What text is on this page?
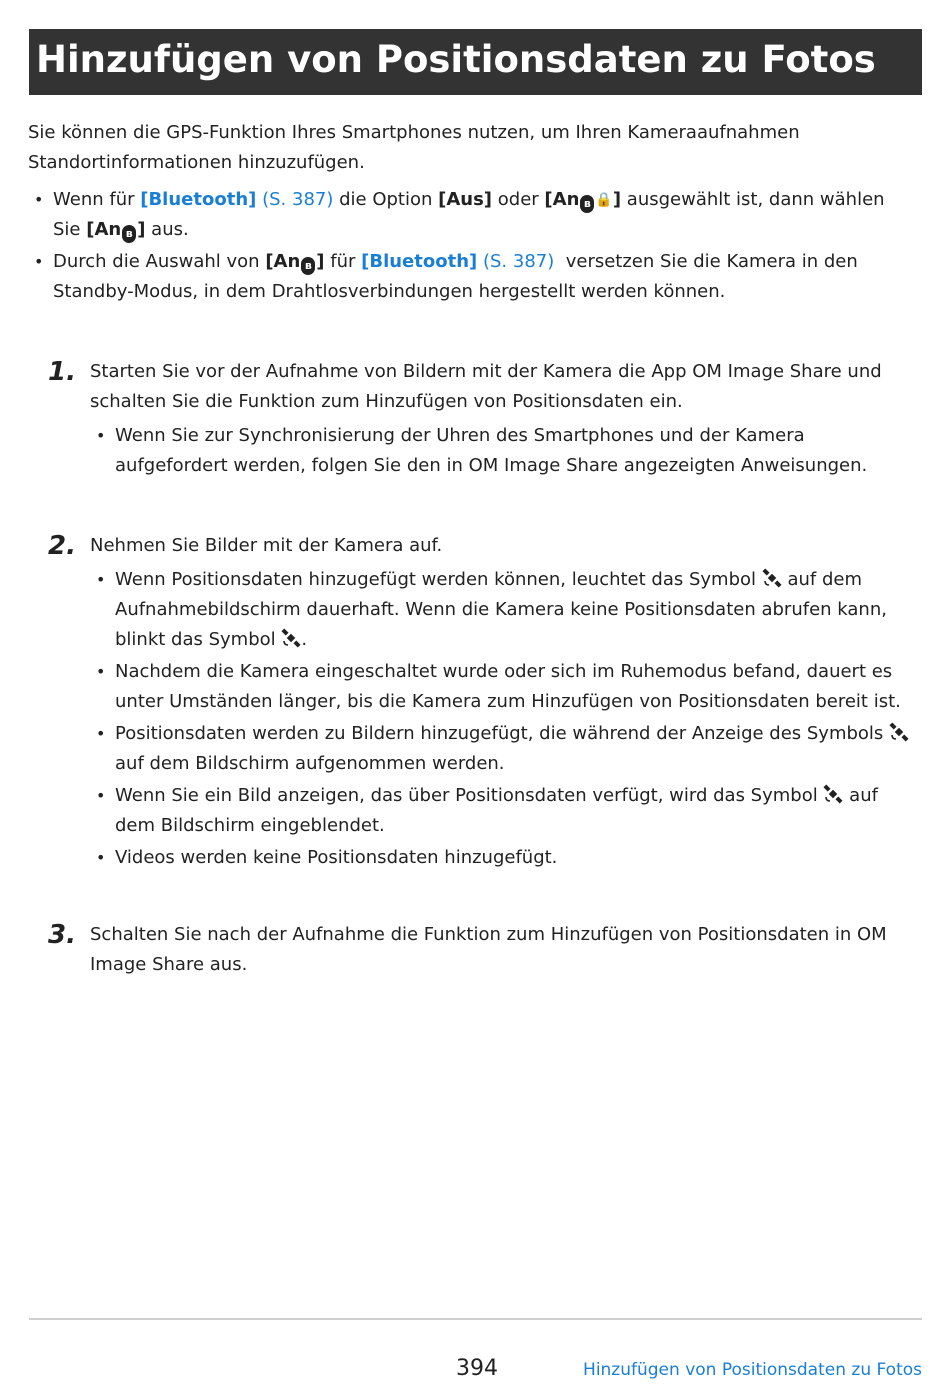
Hinzufügen von Positionsdaten zu Fotos

Sie können die GPS-Funktion Ihres Smartphones nutzen, um Ihren Kameraaufnahmen Standortinformationen hinzuzufügen.

• Wenn für [Bluetooth] (S. 387) die Option [Aus] oder [An ʙ 🔒] ausgewählt ist, dann wählen Sie [An ʙ ] aus.
• Durch die Auswahl von [An ʙ ] für [Bluetooth] (S. 387)  versetzen Sie die Kamera in den Standby-Modus, in dem Drahtlosverbindungen hergestellt werden können.
1. Starten Sie vor der Aufnahme von Bildern mit der Kamera die App OM Image Share und schalten Sie die Funktion zum Hinzufügen von Positionsdaten ein.
• Wenn Sie zur Synchronisierung der Uhren des Smartphones und der Kamera aufgefordert werden, folgen Sie den in OM Image Share angezeigten Anweisungen.
2. Nehmen Sie Bilder mit der Kamera auf.
• Wenn Positionsdaten hinzugefügt werden können, leuchtet das Symbol  auf dem Aufnahmebildschirm dauerhaft. Wenn die Kamera keine Positionsdaten abrufen kann, blinkt das Symbol .
• Nachdem die Kamera eingeschaltet wurde oder sich im Ruhemodus befand, dauert es unter Umständen länger, bis die Kamera zum Hinzufügen von Positionsdaten bereit ist.
• Positionsdaten werden zu Bildern hinzugefügt, die während der Anzeige des Symbols  auf dem Bildschirm aufgenommen werden.
• Wenn Sie ein Bild anzeigen, das über Positionsdaten verfügt, wird das Symbol  auf dem Bildschirm eingeblendet.
• Videos werden keine Positionsdaten hinzugefügt.
3. Schalten Sie nach der Aufnahme die Funktion zum Hinzufügen von Positionsdaten in OM Image Share aus.
394	Hinzufügen von Positionsdaten zu Fotos
